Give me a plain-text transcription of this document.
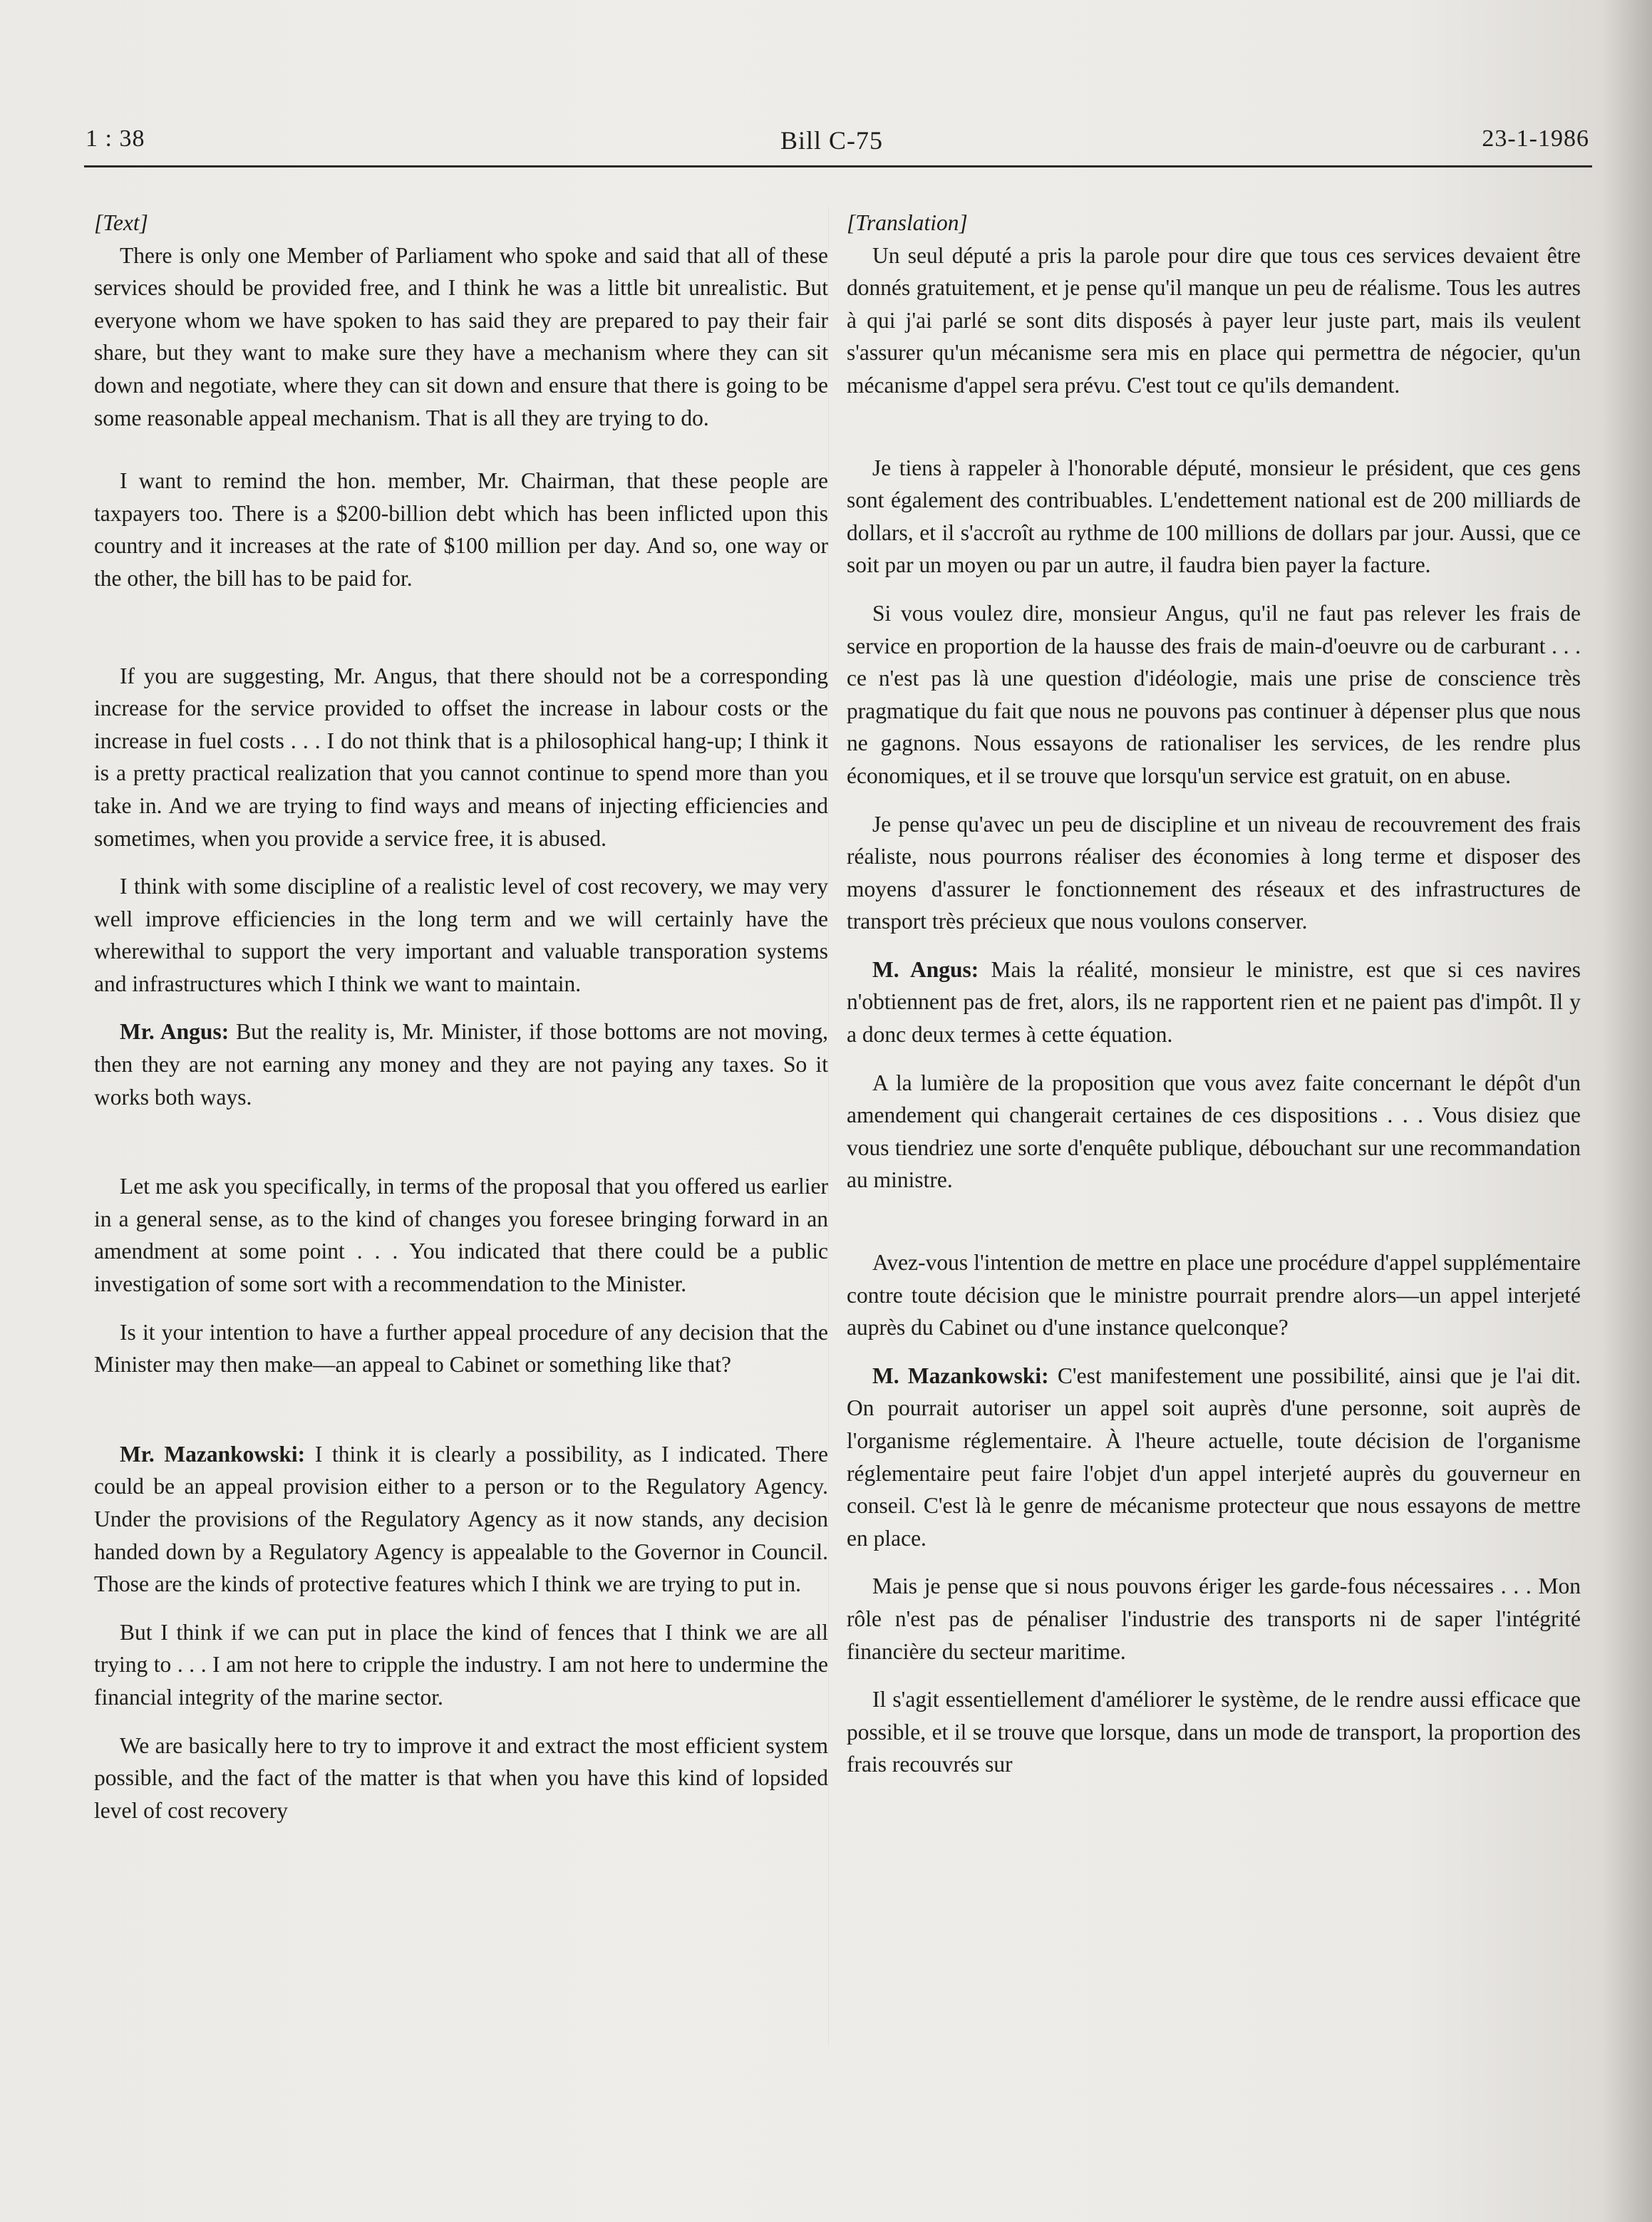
1 : 38	Bill C-75	23-1-1986
[Text]

There is only one Member of Parliament who spoke and said that all of these services should be provided free, and I think he was a little bit unrealistic. But everyone whom we have spoken to has said they are prepared to pay their fair share, but they want to make sure they have a mechanism where they can sit down and negotiate, where they can sit down and ensure that there is going to be some reasonable appeal mechanism. That is all they are trying to do.

I want to remind the hon. member, Mr. Chairman, that these people are taxpayers too. There is a $200-billion debt which has been inflicted upon this country and it increases at the rate of $100 million per day. And so, one way or the other, the bill has to be paid for.

If you are suggesting, Mr. Angus, that there should not be a corresponding increase for the service provided to offset the increase in labour costs or the increase in fuel costs . . . I do not think that is a philosophical hang-up; I think it is a pretty practical realization that you cannot continue to spend more than you take in. And we are trying to find ways and means of injecting efficiencies and sometimes, when you provide a service free, it is abused.

I think with some discipline of a realistic level of cost recovery, we may very well improve efficiencies in the long term and we will certainly have the wherewithal to support the very important and valuable transporation systems and infrastructures which I think we want to maintain.

Mr. Angus: But the reality is, Mr. Minister, if those bottoms are not moving, then they are not earning any money and they are not paying any taxes. So it works both ways.

Let me ask you specifically, in terms of the proposal that you offered us earlier in a general sense, as to the kind of changes you foresee bringing forward in an amendment at some point . . . You indicated that there could be a public investigation of some sort with a recommendation to the Minister.

Is it your intention to have a further appeal procedure of any decision that the Minister may then make—an appeal to Cabinet or something like that?

Mr. Mazankowski: I think it is clearly a possibility, as I indicated. There could be an appeal provision either to a person or to the Regulatory Agency. Under the provisions of the Regulatory Agency as it now stands, any decision handed down by a Regulatory Agency is appealable to the Governor in Council. Those are the kinds of protective features which I think we are trying to put in.

But I think if we can put in place the kind of fences that I think we are all trying to . . . I am not here to cripple the industry. I am not here to undermine the financial integrity of the marine sector.

We are basically here to try to improve it and extract the most efficient system possible, and the fact of the matter is that when you have this kind of lopsided level of cost recovery

[Translation]

Un seul député a pris la parole pour dire que tous ces services devaient être donnés gratuitement, et je pense qu'il manque un peu de réalisme. Tous les autres à qui j'ai parlé se sont dits disposés à payer leur juste part, mais ils veulent s'assurer qu'un mécanisme sera mis en place qui permettra de négocier, qu'un mécanisme d'appel sera prévu. C'est tout ce qu'ils demandent.

Je tiens à rappeler à l'honorable député, monsieur le président, que ces gens sont également des contribuables. L'endettement national est de 200 milliards de dollars, et il s'accroît au rythme de 100 millions de dollars par jour. Aussi, que ce soit par un moyen ou par un autre, il faudra bien payer la facture.

Si vous voulez dire, monsieur Angus, qu'il ne faut pas relever les frais de service en proportion de la hausse des frais de main-d'oeuvre ou de carburant . . . ce n'est pas là une question d'idéologie, mais une prise de conscience très pragmatique du fait que nous ne pouvons pas continuer à dépenser plus que nous ne gagnons. Nous essayons de rationaliser les services, de les rendre plus économiques, et il se trouve que lorsqu'un service est gratuit, on en abuse.

Je pense qu'avec un peu de discipline et un niveau de recouvrement des frais réaliste, nous pourrons réaliser des économies à long terme et disposer des moyens d'assurer le fonctionnement des réseaux et des infrastructures de transport très précieux que nous voulons conserver.

M. Angus: Mais la réalité, monsieur le ministre, est que si ces navires n'obtiennent pas de fret, alors, ils ne rapportent rien et ne paient pas d'impôt. Il y a donc deux termes à cette équation.

A la lumière de la proposition que vous avez faite concernant le dépôt d'un amendement qui changerait certaines de ces dispositions . . . Vous disiez que vous tiendriez une sorte d'enquête publique, débouchant sur une recommandation au ministre.

Avez-vous l'intention de mettre en place une procédure d'appel supplémentaire contre toute décision que le ministre pourrait prendre alors—un appel interjeté auprès du Cabinet ou d'une instance quelconque?

M. Mazankowski: C'est manifestement une possibilité, ainsi que je l'ai dit. On pourrait autoriser un appel soit auprès d'une personne, soit auprès de l'organisme réglementaire. À l'heure actuelle, toute décision de l'organisme réglementaire peut faire l'objet d'un appel interjeté auprès du gouverneur en conseil. C'est là le genre de mécanisme protecteur que nous essayons de mettre en place.

Mais je pense que si nous pouvons ériger les garde-fous nécessaires . . . Mon rôle n'est pas de pénaliser l'industrie des transports ni de saper l'intégrité financière du secteur maritime.

Il s'agit essentiellement d'améliorer le système, de le rendre aussi efficace que possible, et il se trouve que lorsque, dans un mode de transport, la proportion des frais recouvrés sur
